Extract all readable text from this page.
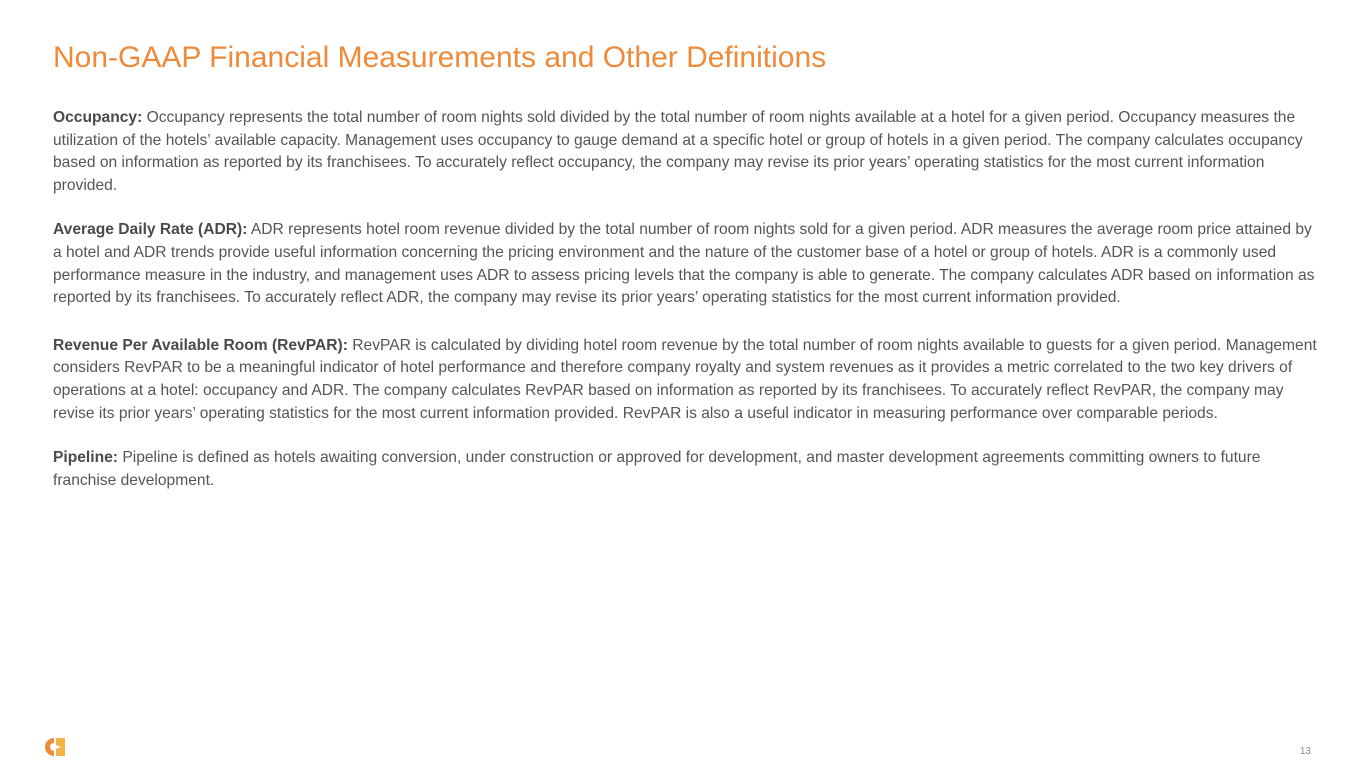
Non-GAAP Financial Measurements and Other Definitions

Occupancy: Occupancy represents the total number of room nights sold divided by the total number of room nights available at a hotel for a given period. Occupancy measures the utilization of the hotels’ available capacity. Management uses occupancy to gauge demand at a specific hotel or group of hotels in a given period. The company calculates occupancy based on information as reported by its franchisees. To accurately reflect occupancy, the company may revise its prior years’ operating statistics for the most current information provided.

Average Daily Rate (ADR): ADR represents hotel room revenue divided by the total number of room nights sold for a given period. ADR measures the average room price attained by a hotel and ADR trends provide useful information concerning the pricing environment and the nature of the customer base of a hotel or group of hotels. ADR is a commonly used performance measure in the industry, and management uses ADR to assess pricing levels that the company is able to generate. The company calculates ADR based on information as reported by its franchisees. To accurately reflect ADR, the company may revise its prior years’ operating statistics for the most current information provided.

Revenue Per Available Room (RevPAR): RevPAR is calculated by dividing hotel room revenue by the total number of room nights available to guests for a given period. Management considers RevPAR to be a meaningful indicator of hotel performance and therefore company royalty and system revenues as it provides a metric correlated to the two key drivers of operations at a hotel: occupancy and ADR. The company calculates RevPAR based on information as reported by its franchisees. To accurately reflect RevPAR, the company may revise its prior years’ operating statistics for the most current information provided. RevPAR is also a useful indicator in measuring performance over comparable periods.

Pipeline: Pipeline is defined as hotels awaiting conversion, under construction or approved for development, and master development agreements committing owners to future franchise development.

13
